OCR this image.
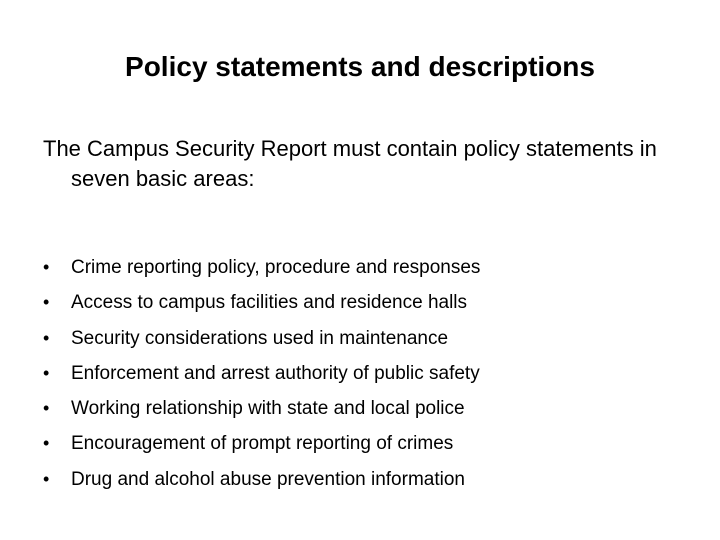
Policy statements and descriptions
The Campus Security Report must contain policy statements in seven basic areas:
•	Crime reporting policy, procedure and responses
•	Access to campus facilities and residence halls
•	Security considerations used in maintenance
•	Enforcement and arrest authority of public safety
•	Working relationship with state and local police
•	Encouragement of prompt reporting of crimes
•	Drug and alcohol abuse prevention information
